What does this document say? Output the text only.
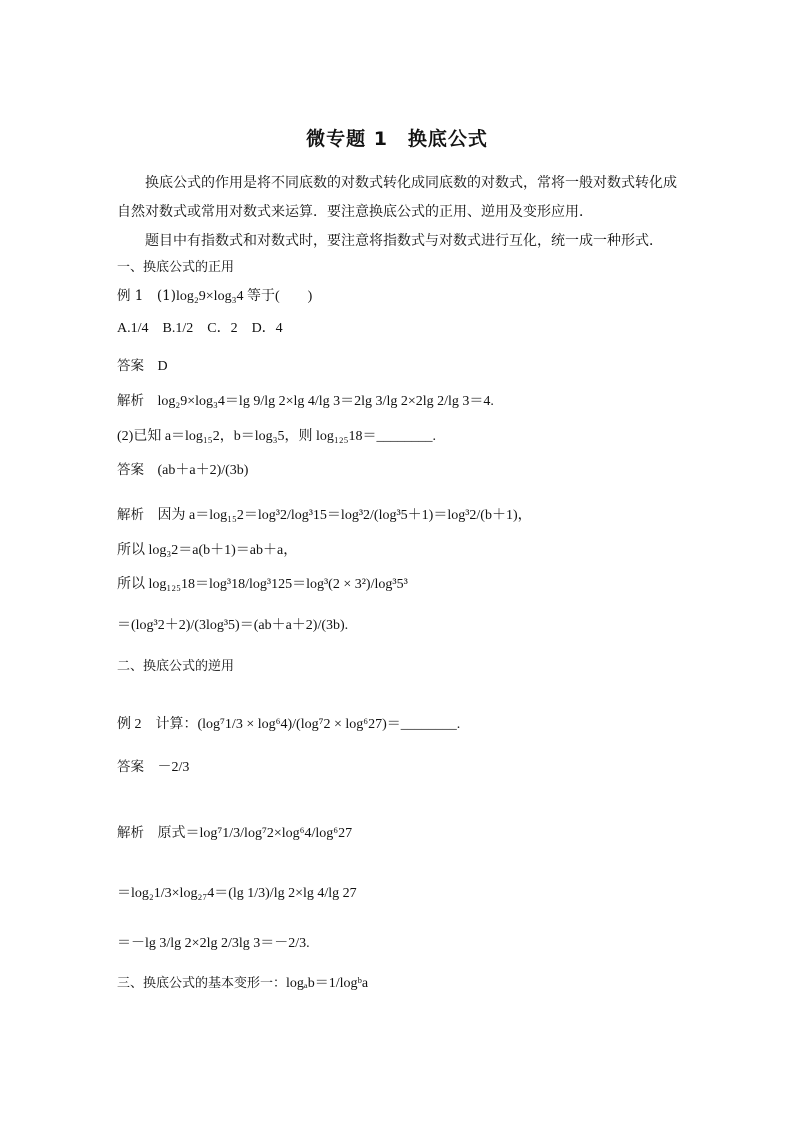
微专题 1　换底公式
换底公式的作用是将不同底数的对数式转化成同底数的对数式，常将一般对数式转化成自然对数式或常用对数式来运算．要注意换底公式的正用、逆用及变形应用．
题目中有指数式和对数式时，要注意将指数式与对数式进行互化，统一成一种形式．
一、换底公式的正用
例 1　(1)log₂9×log₃4 等于(　　)
A.1/4　B.1/2　C．2　D．4
答案　 D
解析　 log₂9×log₃4＝lg 9/lg 2×lg 4/lg 3＝2lg 3/lg 2×2lg 2/lg 3＝4.
(2)已知 a＝log₁₅2，b＝log₃5，则 log₁₂₅18＝________.
答案　 (ab＋a＋2)/(3b)
解析　 因为 a＝log₁₅2＝log³2/log³15＝log³2/(log³5＋1)＝log³2/(b＋1)，
所以 log₃2＝a(b＋1)＝ab＋a，
所以 log₁₂₅18＝log³18/log³125＝log³(2 × 3²)/log³5³
＝(log³2＋2)/(3log³5)＝(ab＋a＋2)/(3b).
二、换底公式的逆用
例 2　计算：(log⁷1/3 × log⁶4)/(log⁷2 × log⁶27)＝________.
答案　 －2/3
解析　 原式＝log⁷1/3/log⁷2×log⁶4/log⁶27
＝log₂1/3×log₂₇4＝(lg 1/3)/lg 2×lg 4/lg 27
＝－lg 3/lg 2×2lg 2/3lg 3＝－2/3.
三、换底公式的基本变形一：logₐb＝1/logᵇa
